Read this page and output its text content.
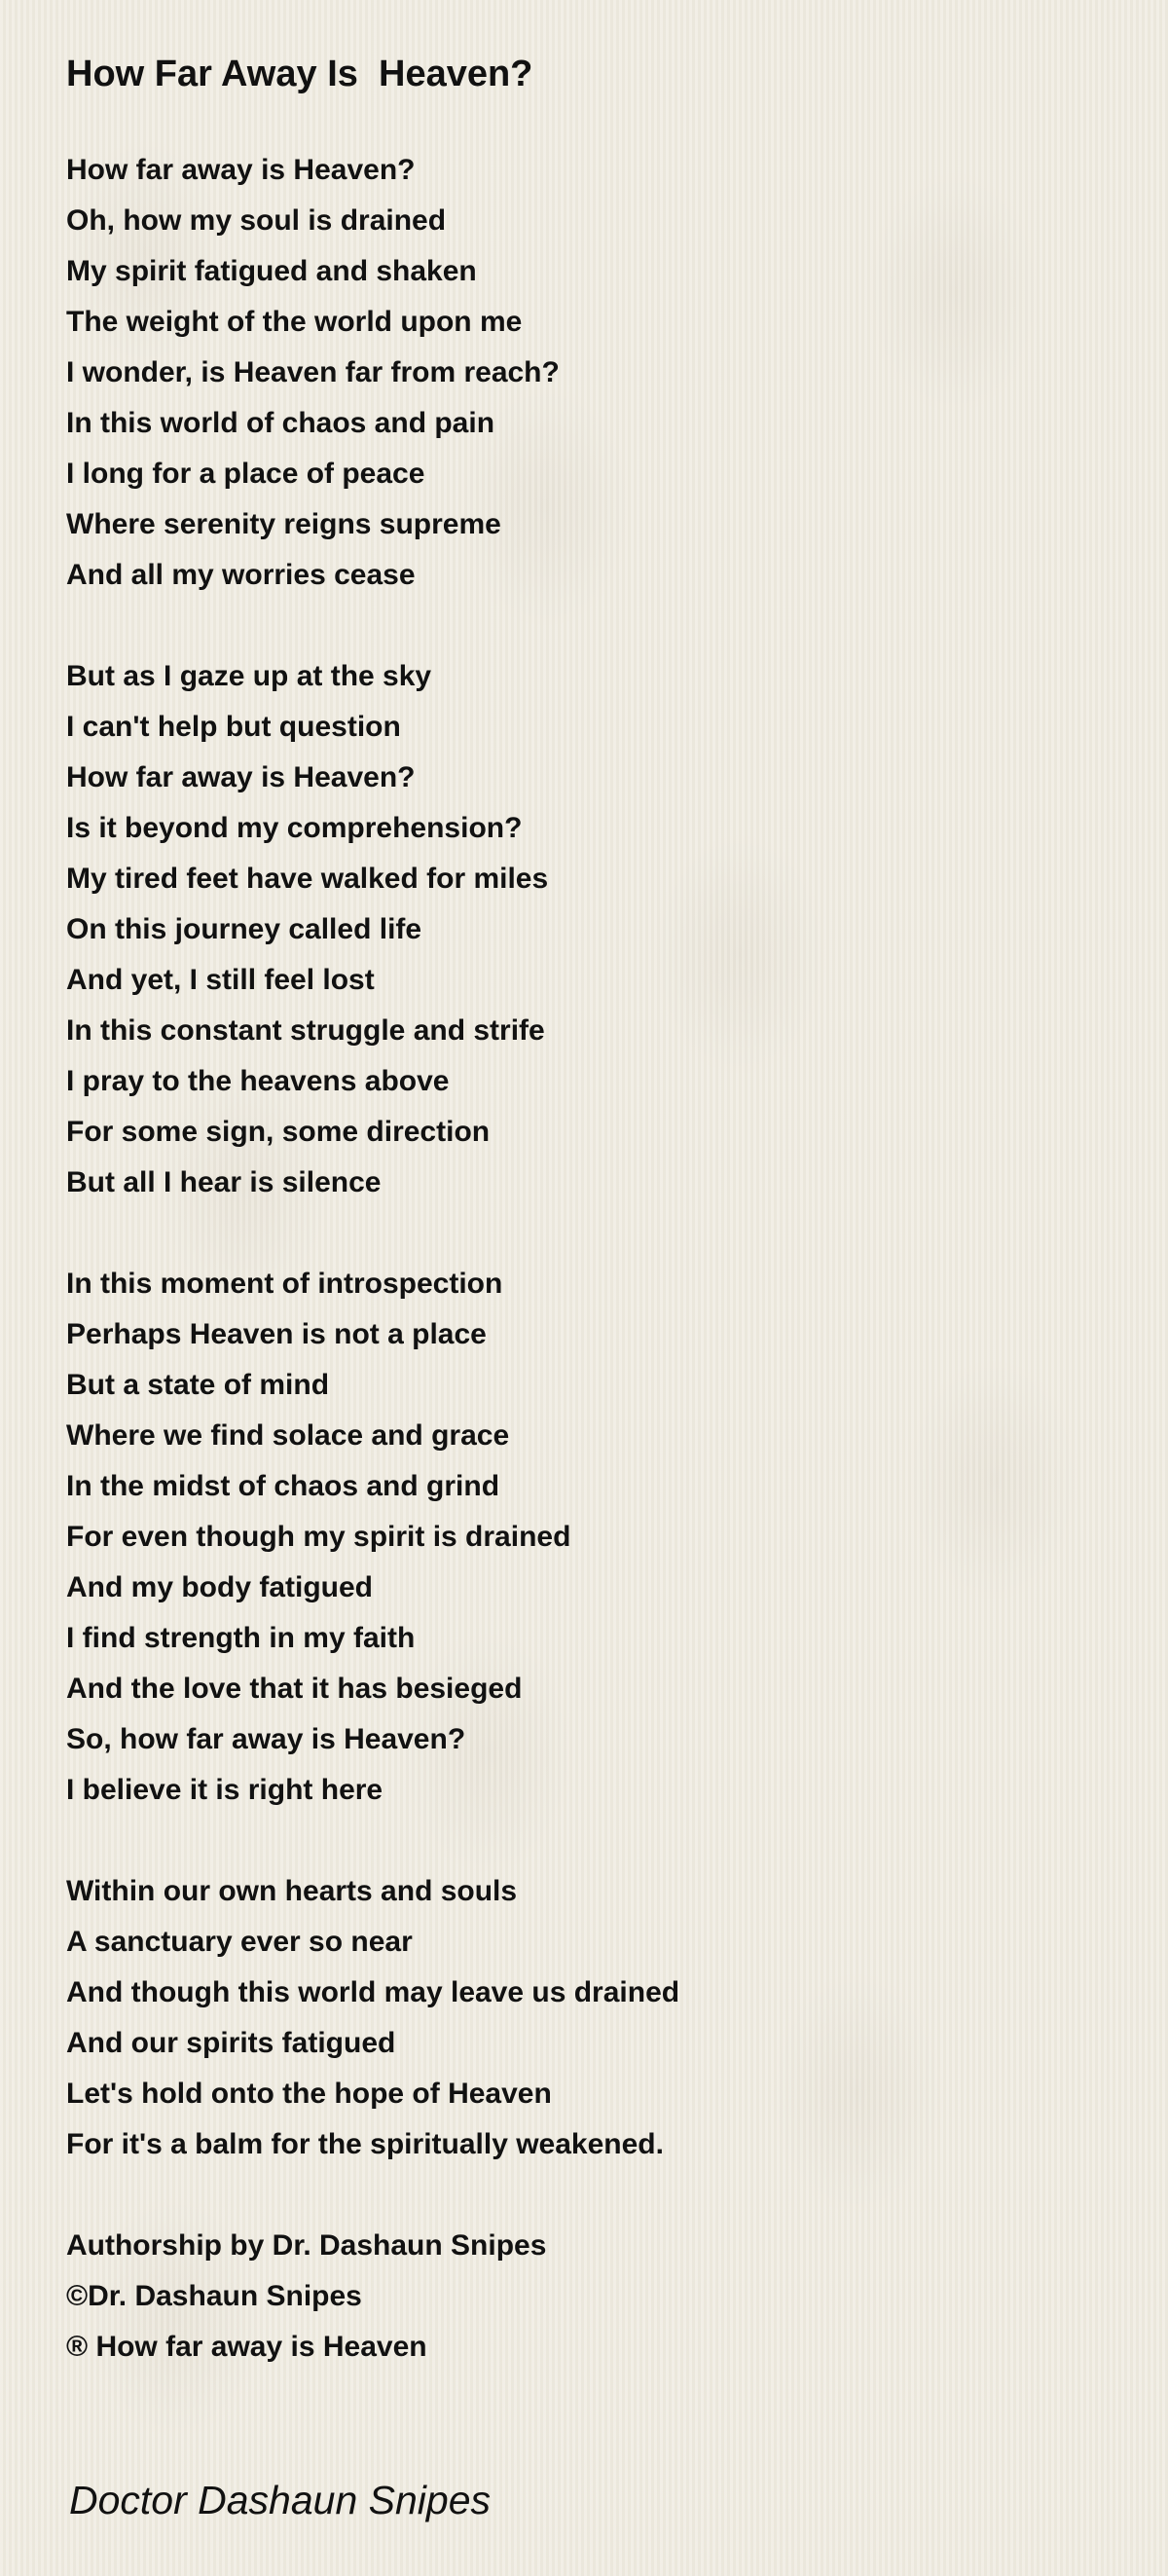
How Far Away Is  Heaven?
How far away is Heaven?
Oh, how my soul is drained
My spirit fatigued and shaken
The weight of the world upon me
I wonder, is Heaven far from reach?
In this world of chaos and pain
I long for a place of peace
Where serenity reigns supreme
And all my worries cease
But as I gaze up at the sky
I can't help but question
How far away is Heaven?
Is it beyond my comprehension?
My tired feet have walked for miles
On this journey called life
And yet, I still feel lost
In this constant struggle and strife
I pray to the heavens above
For some sign, some direction
But all I hear is silence
In this moment of introspection
Perhaps Heaven is not a place
But a state of mind
Where we find solace and grace
In the midst of chaos and grind
For even though my spirit is drained
And my body fatigued
I find strength in my faith
And the love that it has besieged
So, how far away is Heaven?
I believe it is right here
Within our own hearts and souls
A sanctuary ever so near
And though this world may leave us drained
And our spirits fatigued
Let's hold onto the hope of Heaven
For it's a balm for the spiritually weakened.
Authorship by Dr. Dashaun Snipes
©Dr. Dashaun Snipes
® How far away is Heaven
Doctor Dashaun Snipes
